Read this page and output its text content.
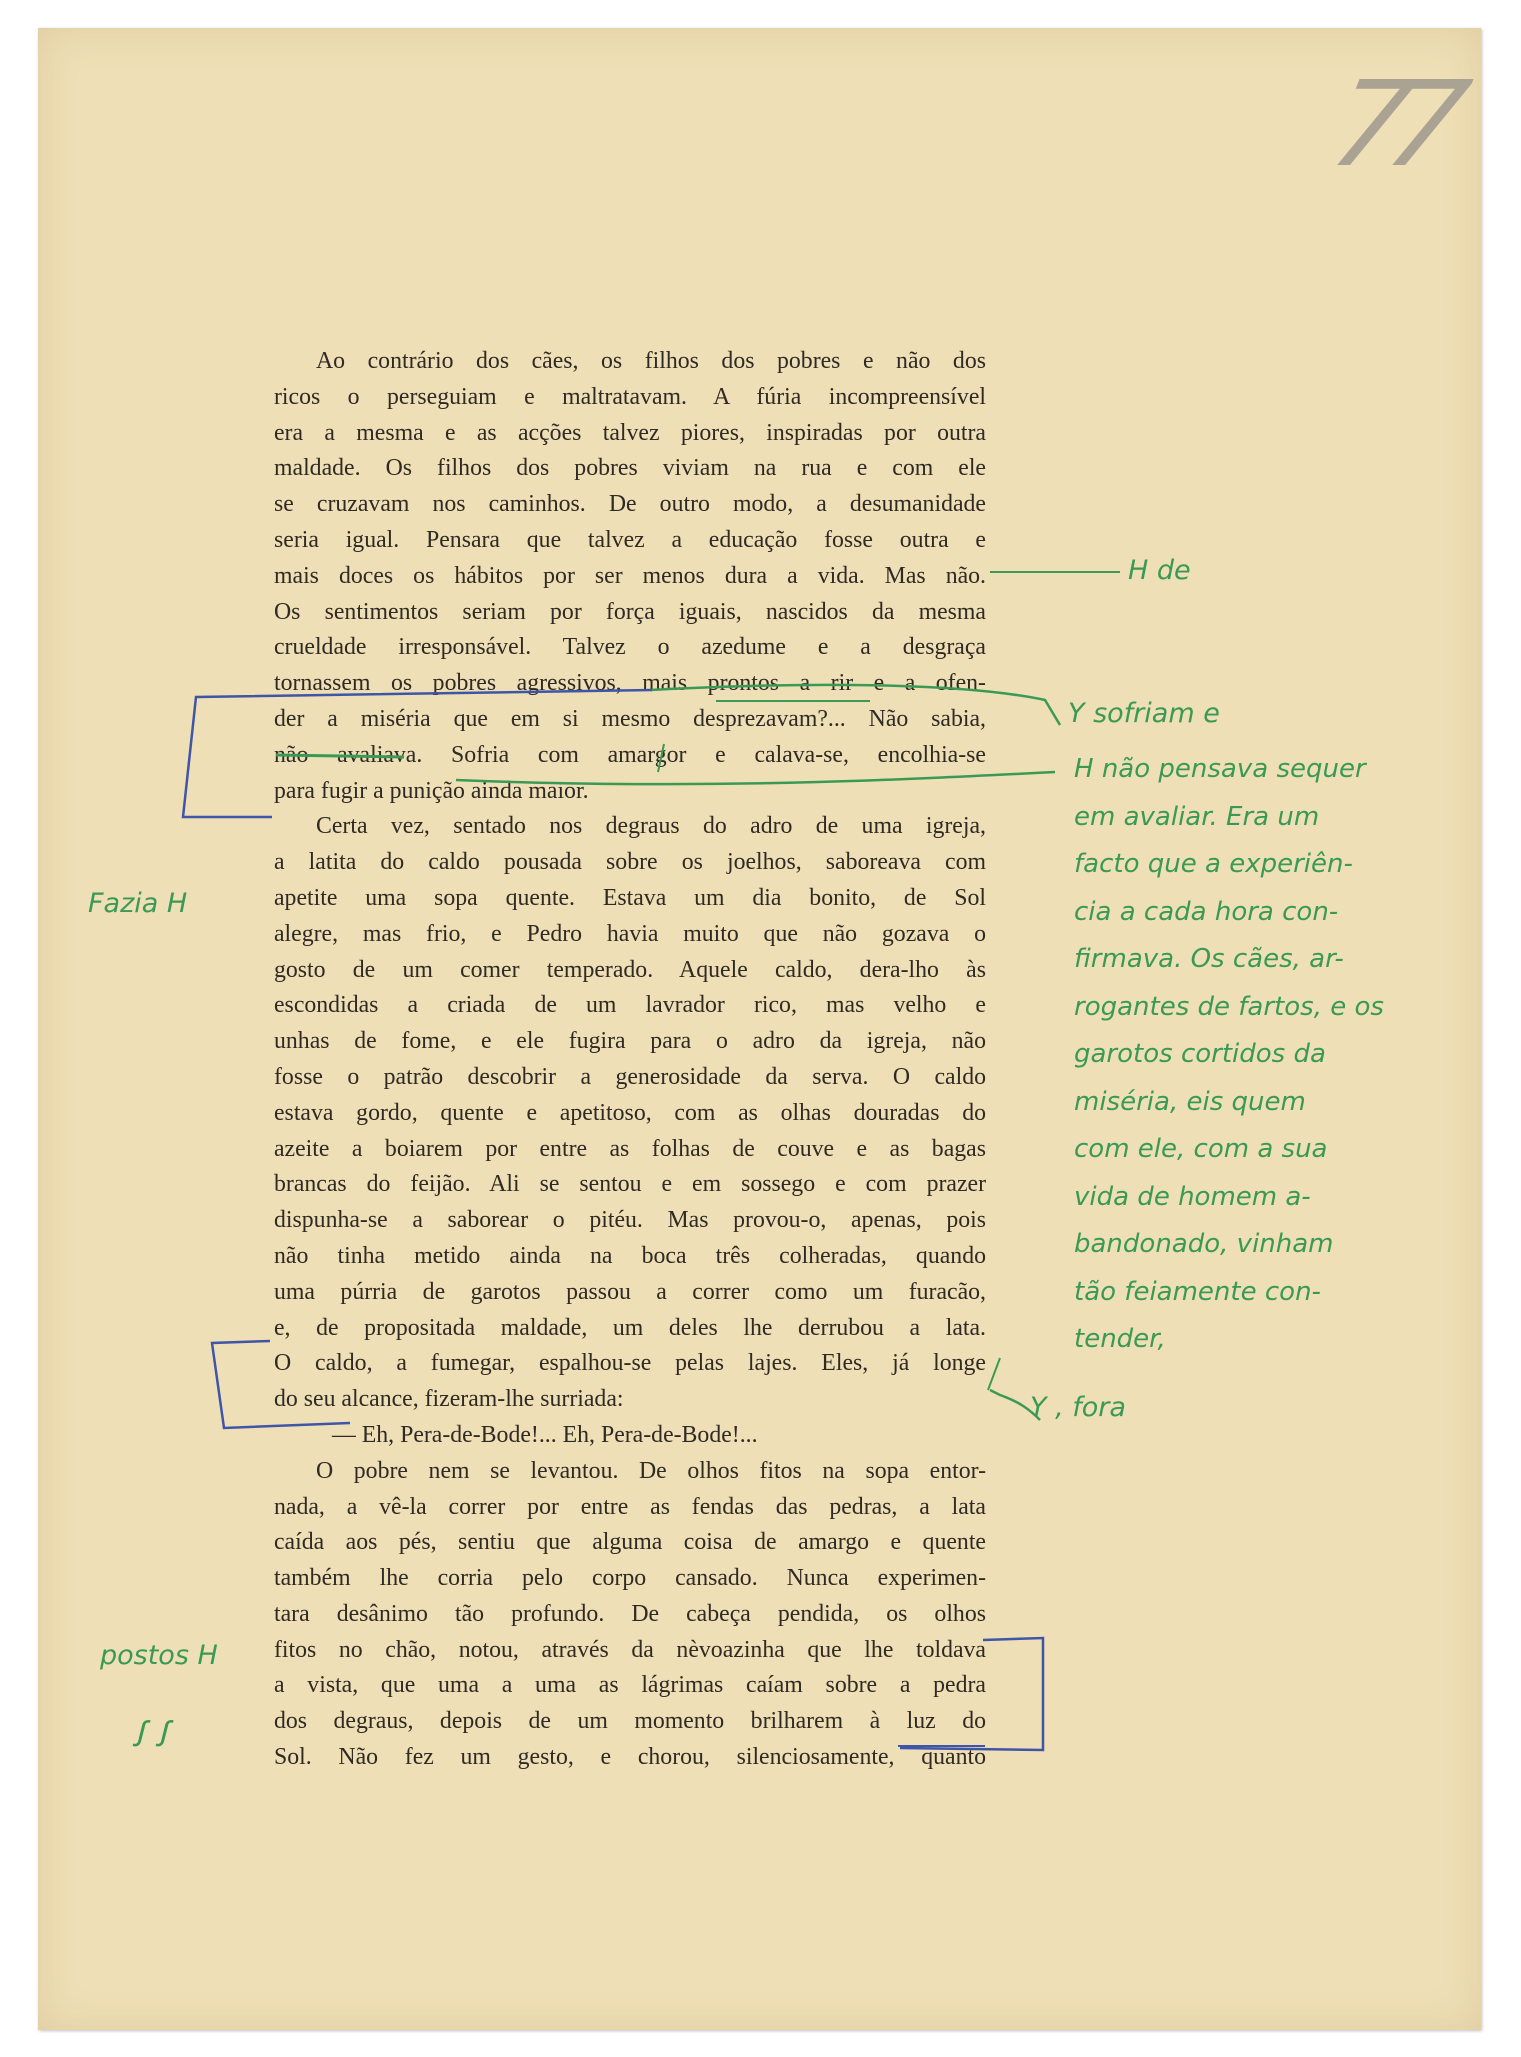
77
Ao contrário dos cães, os filhos dos pobres e não dos
ricos o perseguiam e maltratavam. A fúria incompreensível
era a mesma e as acções talvez piores, inspiradas por outra
maldade. Os filhos dos pobres viviam na rua e com ele
se cruzavam nos caminhos. De outro modo, a desumanidade
seria igual. Pensara que talvez a educação fosse outra e
mais doces os hábitos por ser menos dura a vida. Mas não.
Os sentimentos seriam por força iguais, nascidos da mesma
crueldade irresponsável. Talvez o azedume e a desgraça
tornassem os pobres agressivos, mais prontos a rir e a ofen-
der a miséria que em si mesmo desprezavam?... Não sabia,
não avaliava. Sofria com amargor e calava-se, encolhia-se
para fugir a punição ainda maior.
Certa vez, sentado nos degraus do adro de uma igreja,
a latita do caldo pousada sobre os joelhos, saboreava com
apetite uma sopa quente. Estava um dia bonito, de Sol
alegre, mas frio, e Pedro havia muito que não gozava o
gosto de um comer temperado. Aquele caldo, dera-lho às
escondidas a criada de um lavrador rico, mas velho e
unhas de fome, e ele fugira para o adro da igreja, não
fosse o patrão descobrir a generosidade da serva. O caldo
estava gordo, quente e apetitoso, com as olhas douradas do
azeite a boiarem por entre as folhas de couve e as bagas
brancas do feijão. Ali se sentou e em sossego e com prazer
dispunha-se a saborear o pitéu. Mas provou-o, apenas, pois
não tinha metido ainda na boca três colheradas, quando
uma púrria de garotos passou a correr como um furacão,
e, de propositada maldade, um deles lhe derrubou a lata.
O caldo, a fumegar, espalhou-se pelas lajes. Eles, já longe
do seu alcance, fizeram-lhe surriada:
— Eh, Pera-de-Bode!... Eh, Pera-de-Bode!...
O pobre nem se levantou. De olhos fitos na sopa entor-
nada, a vê-la correr por entre as fendas das pedras, a lata
caída aos pés, sentiu que alguma coisa de amargo e quente
também lhe corria pelo corpo cansado. Nunca experimen-
tara desânimo tão profundo. De cabeça pendida, os olhos
fitos no chão, notou, através da nèvoazinha que lhe toldava
a vista, que uma a uma as lágrimas caíam sobre a pedra
dos degraus, depois de um momento brilharem à luz do
Sol. Não fez um gesto, e chorou, silenciosamente, quanto
H de
Y sofriam e
Fazia H
Y , fora
postos H
ꭍ ꭍ
H não pensava sequer
em avaliar. Era um
facto que a experiên-
cia a cada hora con-
firmava. Os cães, ar-
rogantes de fartos, e os
garotos cortidos da
miséria, eis quem
com ele, com a sua
vida de homem a-
bandonado, vinham
tão feiamente con-
tender,
